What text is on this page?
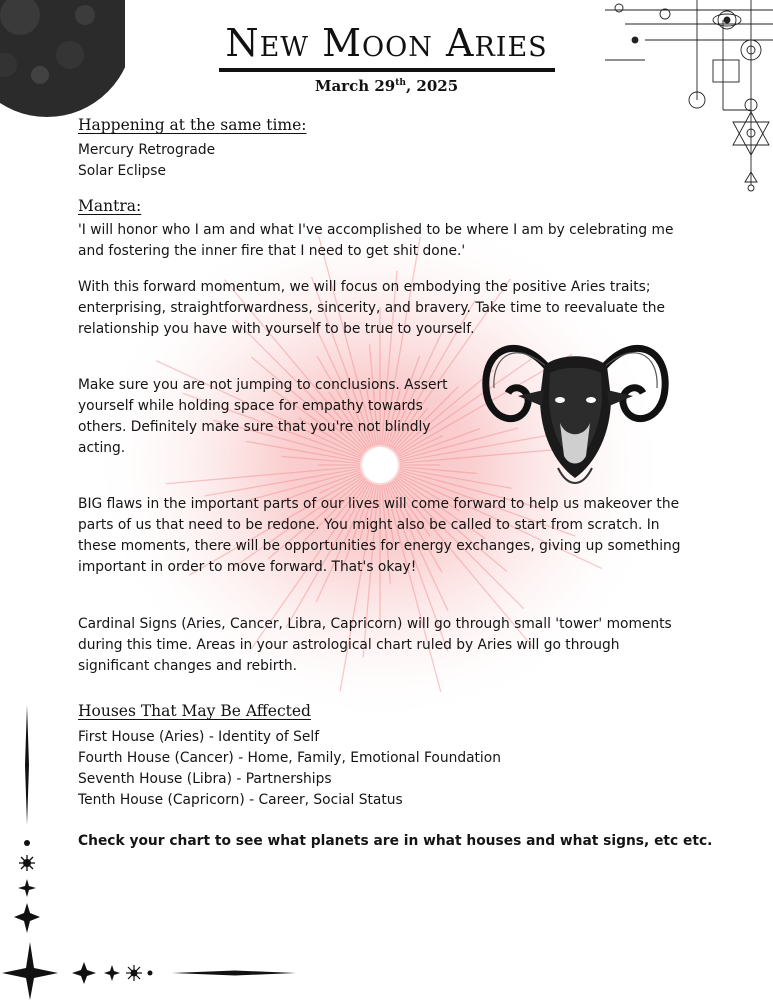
New Moon Aries
March 29th, 2025
Happening at the same time:
Mercury Retrograde
Solar Eclipse
Mantra:
'I will honor who I am and what I've accomplished to be where I am by celebrating me
and fostering the inner fire that I need to get shit done.'
With this forward momentum, we will focus on embodying the positive Aries traits;
enterprising, straightforwardness, sincerity, and bravery. Take time to reevaluate the
relationship you have with yourself to be true to yourself.
Make sure you are not jumping to conclusions. Assert
yourself while holding space for empathy towards
others. Definitely make sure that you're not blindly
acting.
BIG flaws in the important parts of our lives will come forward to help us makeover the
parts of us that need to be redone. You might also be called to start from scratch. In
these moments, there will be opportunities for energy exchanges, giving up something
important in order to move forward. That's okay!
Cardinal Signs (Aries, Cancer, Libra, Capricorn) will go through small 'tower' moments
during this time. Areas in your astrological chart ruled by Aries will go through
significant changes and rebirth.
Houses That May Be Affected
First House (Aries) - Identity of Self
Fourth House (Cancer) - Home, Family, Emotional Foundation
Seventh House (Libra) - Partnerships
Tenth House (Capricorn) - Career, Social Status
Check your chart to see what planets are in what houses and what signs, etc etc.
